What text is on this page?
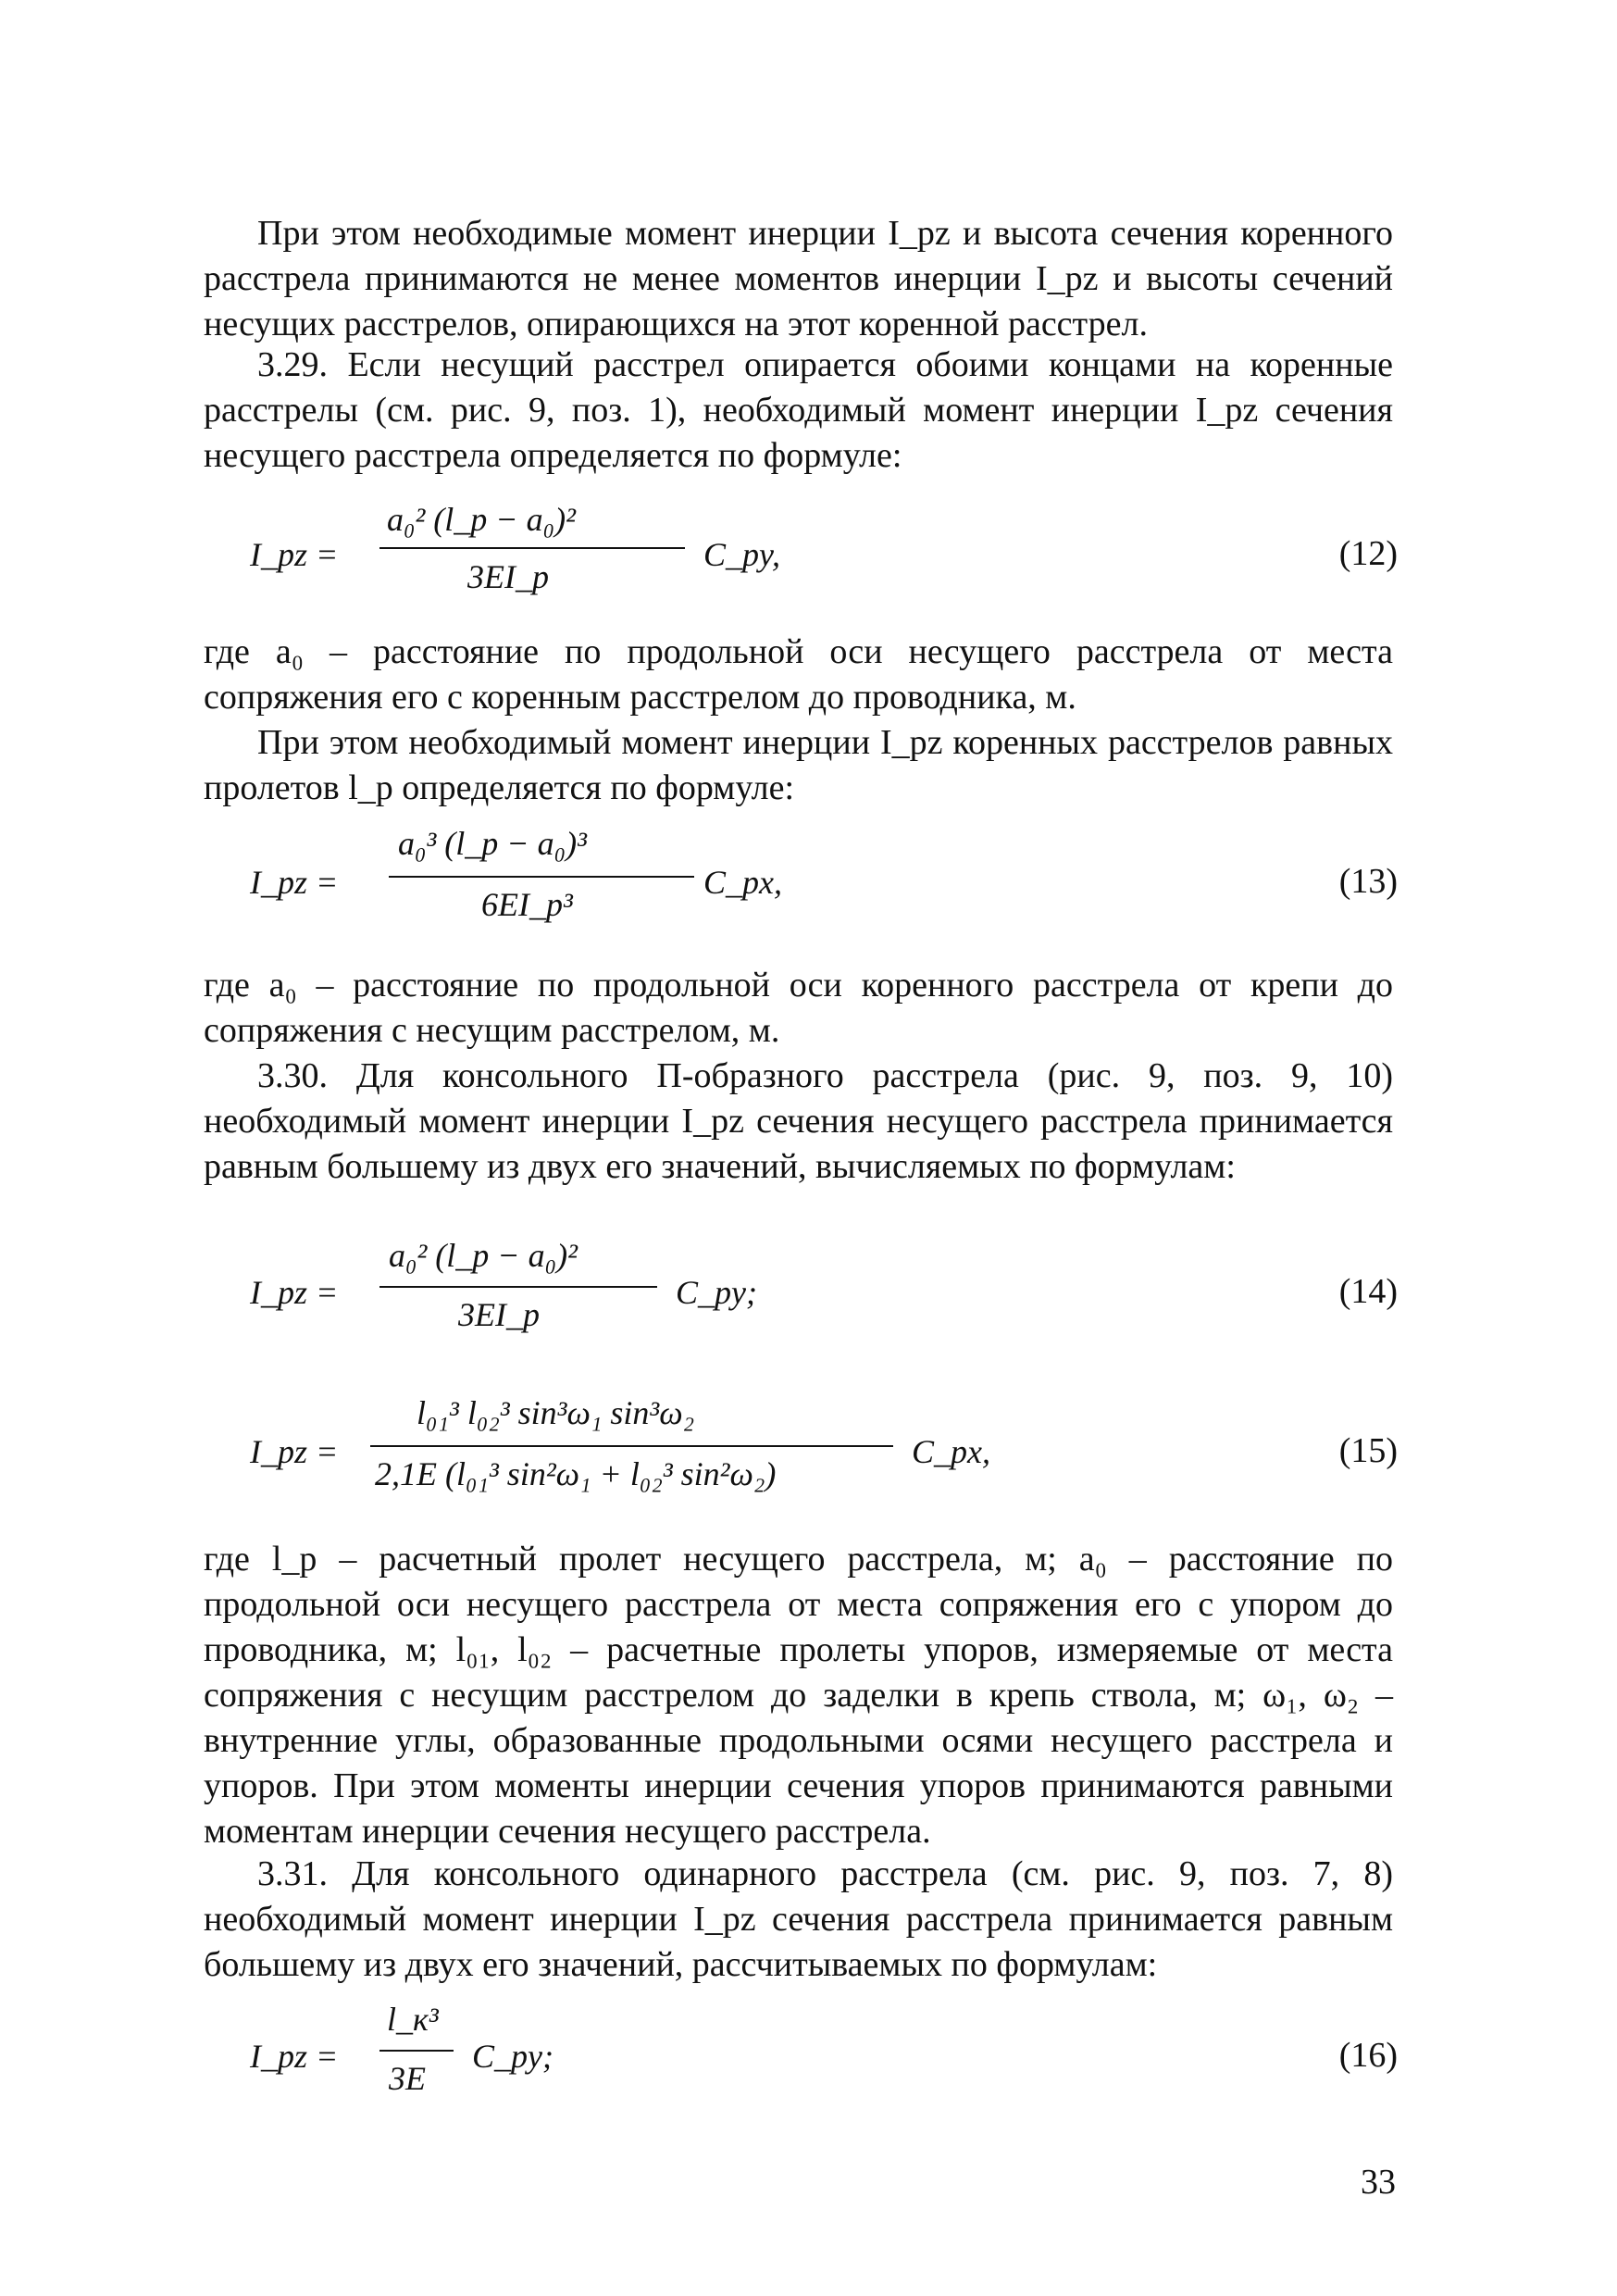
При этом необходимые момент инерции I_pz и высота сечения коренного расстрела принимаются не менее моментов инерции I_pz и высоты сечений несущих расстрелов, опирающихся на этот коренной расстрел.
3.29. Если несущий расстрел опирается обоими концами на коренные расстрелы (см. рис. 9, поз. 1), необходимый момент инерции I_pz сечения несущего расстрела определяется по формуле:
I_pz =
a₀² (l_p − a₀)²
3EI_p
C_py,	(12)
где a₀ – расстояние по продольной оси несущего расстрела от места сопряжения его с коренным расстрелом до проводника, м.
При этом необходимый момент инерции I_pz коренных расстрелов равных пролетов l_p определяется по формуле:
I_pz =
a₀³ (l_p − a₀)³
6EI_p³
C_px,	(13)
где a₀ – расстояние по продольной оси коренного расстрела от крепи до сопряжения с несущим расстрелом, м.
3.30. Для консольного П-образного расстрела (рис. 9, поз. 9, 10) необходимый момент инерции I_pz сечения несущего расстрела принимается равным большему из двух его значений, вычисляемых по формулам:
I_pz =
a₀² (l_p − a₀)²
3EI_p
C_py;	(14)
I_pz =
l₀₁³ l₀₂³ sin³ω₁ sin³ω₂
2,1E (l₀₁³ sin²ω₁ + l₀₂³ sin²ω₂)
C_px,	(15)
где l_p – расчетный пролет несущего расстрела, м; a₀ – расстояние по продольной оси несущего расстрела от места сопряжения его с упором до проводника, м; l₀₁, l₀₂ – расчетные пролеты упоров, измеряемые от места сопряжения с несущим расстрелом до заделки в крепь ствола, м; ω₁, ω₂ –внутренние углы, образованные продольными осями несущего расстрела и упоров. При этом моменты инерции сечения упоров принимаются равными моментам инерции сечения несущего расстрела.
3.31. Для консольного одинарного расстрела (см. рис. 9, поз. 7, 8) необходимый момент инерции I_pz сечения расстрела принимается равным большему из двух его значений, рассчитываемых по формулам:
I_pz =
l_к³
3E
C_py;	(16)
33
